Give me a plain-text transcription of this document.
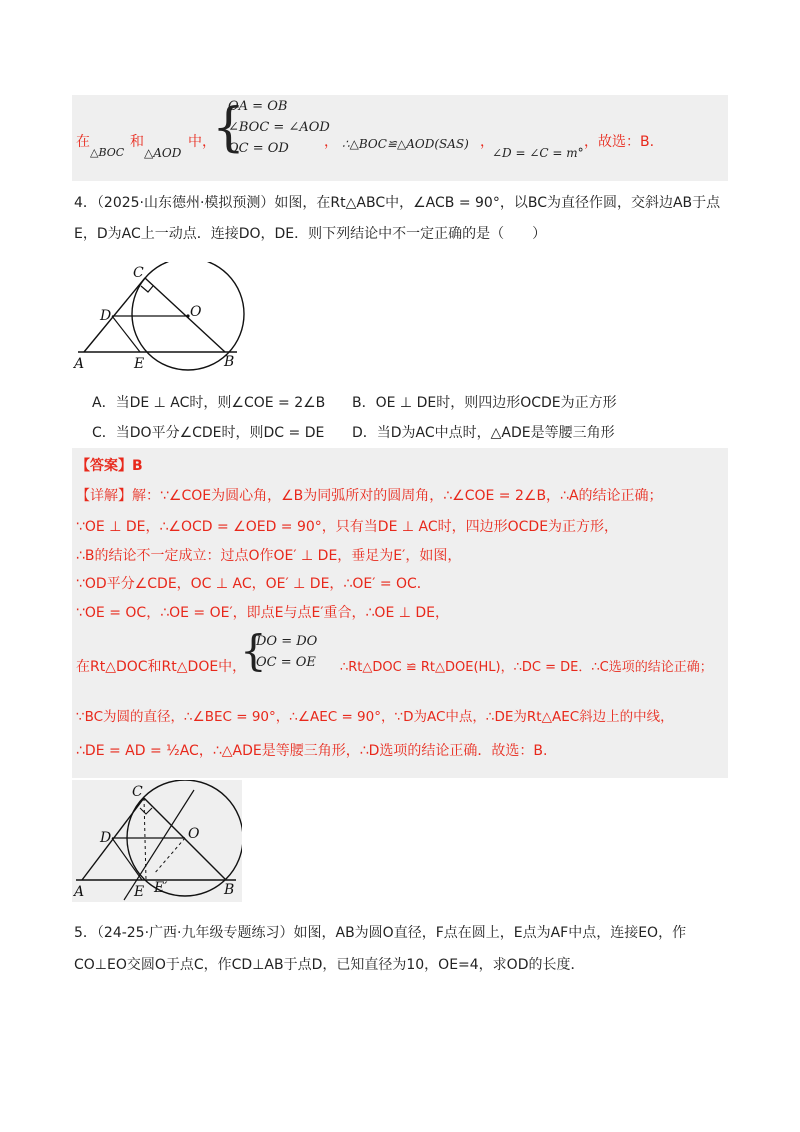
在
△BOC
和
△AOD
中，
{
OA = OB
∠BOC = ∠AOD
OC = OD	， ∴△BOC≌△AOD(SAS) ，
∠D = ∠C = m°
，故选：B.
4．（2025·山东德州·模拟预测）如图，在Rt△ABC中，∠ACB = 90°，以BC为直径作圆，交斜边AB于点
E，D为AC上一动点．连接DO，DE．则下列结论中不一定正确的是（　　）
C
D	O
A	E	B
A．当DE ⊥ AC时，则∠COE = 2∠B B．OE ⊥ DE时，则四边形OCDE为正方形
C．当DO平分∠CDE时，则DC = DE D．当D为AC中点时，△ADE是等腰三角形
【答案】B
【详解】解：∵∠COE为圆心角，∠B为同弧所对的圆周角，∴∠COE = 2∠B，∴A的结论正确；
∵OE ⊥ DE，∴∠OCD = ∠OED = 90°，只有当DE ⊥ AC时，四边形OCDE为正方形，
∴B的结论不一定成立：过点O作OE′ ⊥ DE，垂足为E′，如图，
∵OD平分∠CDE，OC ⊥ AC，OE′ ⊥ DE，∴OE′ = OC．
∵OE = OC，∴OE = OE′，即点E与点E′重合，∴OE ⊥ DE，
在Rt△DOC和Rt△DOE中，
{
DO = DO
OC = OE ∴Rt△DOC ≌ Rt△DOE(HL)，∴DC = DE．∴C选项的结论正确；
∵BC为圆的直径，∴∠BEC = 90°，∴∠AEC = 90°，∵D为AC中点，∴DE为Rt△AEC斜边上的中线，
∴DE = AD = ½AC，∴△ADE是等腰三角形，∴D选项的结论正确．故选：B.
C
D	O
A	E E′	B
5．（24-25·广西·九年级专题练习）如图，AB为圆O直径，F点在圆上，E点为AF中点，连接EO，作
CO⊥EO交圆O于点C，作CD⊥AB于点D，已知直径为10，OE=4，求OD的长度．
